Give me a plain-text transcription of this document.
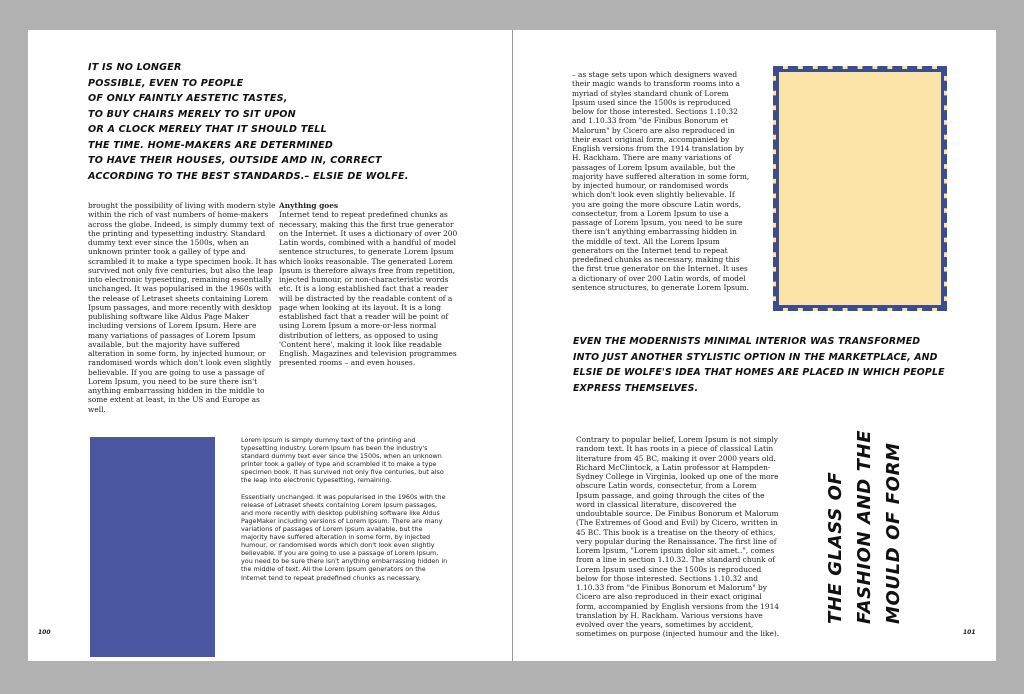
IT IS NO LONGER
POSSIBLE, EVEN TO PEOPLE
OF ONLY FAINTLY AESTETIC TASTES,
TO BUY CHAIRS MERELY TO SIT UPON
OR A CLOCK MERELY THAT IT SHOULD TELL
THE TIME. HOME-MAKERS ARE DETERMINED
TO HAVE THEIR HOUSES, OUTSIDE AMD IN, CORRECT
ACCORDING TO THE BEST STANDARDS.– ELSIE DE WOLFE.
brought the possibility of living with modern style within the rich of vast numbers of home-makers across the globe. Indeed, is simply dummy text of the printing and typesetting industry. Standard dummy text ever since the 1500s, when an unknown printer took a galley of type and scrambled it to make a type specimen book. It has survived not only five centuries, but also the leap into electronic typesetting, remaining essentially unchanged. It was popularised in the 1960s with the release of Letraset sheets containing Lorem Ipsum passages, and more recently with desktop publishing software like Aldus Page Maker including versions of Lorem Ipsum. Here are many variations of passages of Lorem Ipsum available, but the majority have suffered alteration in some form, by injected humour, or randomised words which don't look even slightly believable. If you are going to use a passage of Lorem Ipsum, you need to be sure there isn't anything embarrassing hidden in the middle to some extent at least, in the US and Europe as well.
Anything goes
Internet tend to repeat predefined chunks as necessary, making this the first true generator on the Internet. It uses a dictionary of over 200 Latin words, combined with a handful of model sentence structures, to generate Lorem Ipsum which looks reasonable. The generated Lorem Ipsum is therefore always free from repetition, injected humour, or non-characteristic words etc. It is a long established fact that a reader will be distracted by the readable content of a page when looking at its layout. It is a long established fact that a reader will be point of using Lorem Ipsum a more-or-less normal distribution of letters, as opposed to using 'Content here', making it look like readable English. Magazines and television programmes presented rooms – and even houses.

Lorem Ipsum is simply dummy text of the printing and typesetting industry. Lorem Ipsum has been the industry's standard dummy text ever since the 1500s, when an unknown printer took a galley of type and scrambled it to make a type specimen book. It has survived not only five centuries, but also the leap into electronic typesetting, remaining.

Essentially unchanged. It was popularised in the 1960s with the release of Letraset sheets containing Lorem Ipsum passages, and more recently with desktop publishing software like Aldus PageMaker including versions of Lorem Ipsum. There are many variations of passages of Lorem Ipsum available, but the majority have suffered alteration in some form, by injected humour, or randomised words which don't look even slightly believable. If you are going to use a passage of Lorem Ipsum, you need to be sure there isn't anything embarrassing hidden in the middle of text. All the Lorem Ipsum generators on the Internet tend to repeat predefined chunks as necessary.

100
– as stage sets upon which designers waved their magic wands to transform rooms into a myriad of styles standard chunk of Lorem Ipsum used since the 1500s is reproduced below for those interested. Sections 1.10.32 and 1.10.33 from "de Finibus Bonorum et Malorum" by Cicero are also reproduced in their exact original form, accompanied by English versions from the 1914 translation by H. Rackham. There are many variations of passages of Lorem Ipsum available, but the majority have suffered alteration in some form, by injected humour, or randomised words which don't look even slightly believable. If you are going the more obscure Latin words, consectetur, from a Lorem Ipsum to use a passage of Lorem Ipsum, you need to be sure there isn't anything embarrassing hidden in the middle of text. All the Lorem Ipsum generators on the Internet tend to repeat predefined chunks as necessary, making this the first true generator on the Internet. It uses a dictionary of over 200 Latin words, of model sentence structures, to generate Lorem Ipsum.
EVEN THE MODERNISTS MINIMAL INTERIOR WAS TRANSFORMED
INTO JUST ANOTHER STYLISTIC OPTION IN THE MARKETPLACE, AND
ELSIE DE WOLFE'S IDEA THAT HOMES ARE PLACED IN WHICH PEOPLE
EXPRESS THEMSELVES.
Contrary to popular belief, Lorem Ipsum is not simply random text. It has roots in a piece of classical Latin literature from 45 BC, making it over 2000 years old. Richard McClintock, a Latin professor at Hampden-Sydney College in Virginia, looked up one of the more obscure Latin words, consectetur, from a Lorem Ipsum passage, and going through the cites of the word in classical literature, discovered the undoubtable source. De Finibus Bonorum et Malorum (The Extremes of Good and Evil) by Cicero, written in 45 BC. This book is a treatise on the theory of ethics, very popular during the Renaissance. The first line of Lorem Ipsum, "Lorem ipsum dolor sit amet..", comes from a line in section 1.10.32. The standard chunk of Lorem Ipsum used since the 1500s is reproduced below for those interested. Sections 1.10.32 and 1.10.33 from "de Finibus Bonorum et Malorum" by Cicero are also reproduced in their exact original form, accompanied by English versions from the 1914 translation by H. Rackham. Various versions have evolved over the years, sometimes by accident, sometimes on purpose (injected humour and the like).
THE GLASS OF FASHION AND THE MOULD OF FORM
101
